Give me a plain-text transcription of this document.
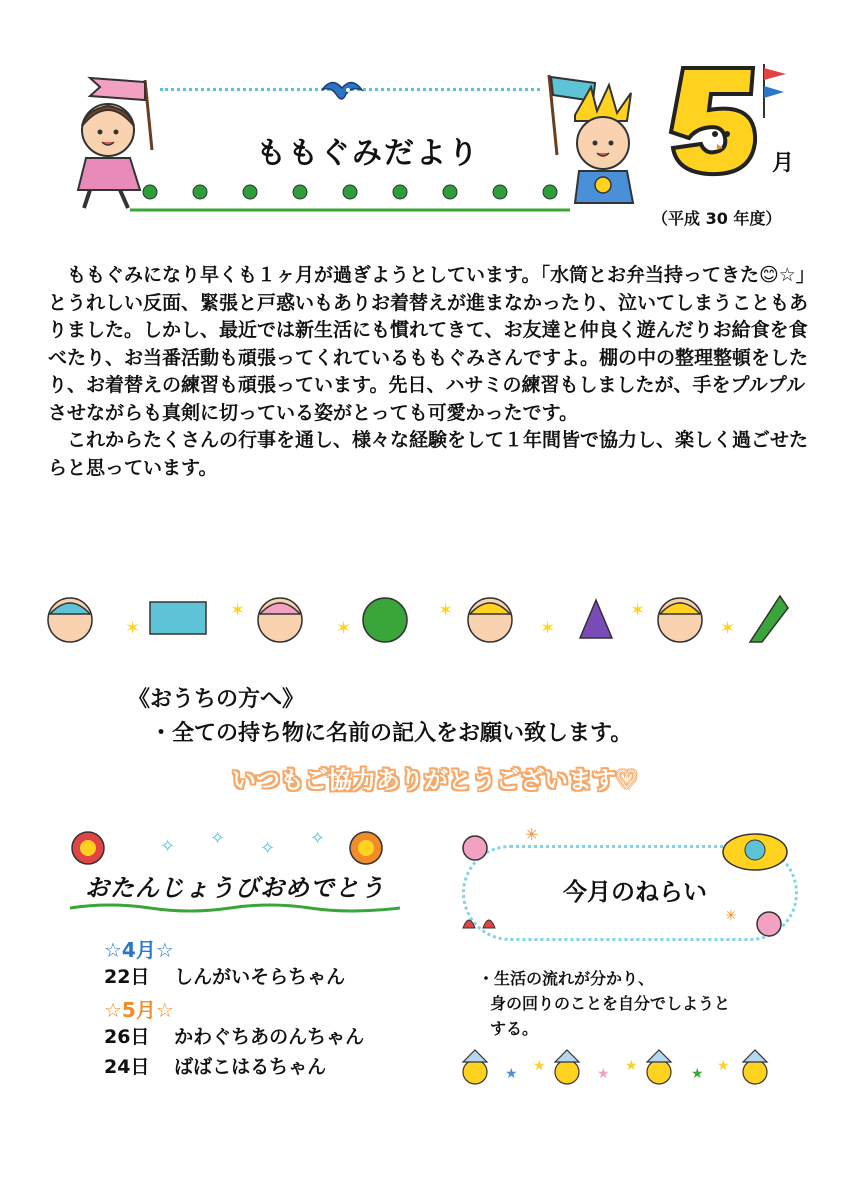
ももぐみだより	月
（平成 30 年度）

ももぐみになり早くも１ヶ月が過ぎようとしています。「水筒とお弁当持ってきた😊☆」

とうれしい反面、緊張と戸惑いもありお着替えが進まなかったり、泣いてしまうこともありました。しかし、最近では新生活にも慣れてきて、お友達と仲良く遊んだりお給食を食べたり、お当番活動も頑張ってくれているももぐみさんですよ。棚の中の整理整頓をしたり、お着替えの練習も頑張っています。先日、ハサミの練習もしましたが、手をプルプルさせながらも真剣に切っている姿がとっても可愛かったです。

これからたくさんの行事を通し、様々な経験をして１年間皆で協力し、楽しく過ごせたらと思っています。

✶
✶
✶
✶
✶
✶
✶
《おうちの方へ》
・全ての持ち物に名前の記入をお願い致します。
いつもご協力ありがとうございます♡
✧ ✧ ✧ ✧
おたんじょうびおめでとう
☆4月☆
22日 しんがいそらちゃん
☆5月☆
26日 かわぐちあのんちゃん
24日 ばばこはるちゃん
✳
✳
今月のねらい

・生活の流れが分かり、

身の回りのことを自分でしようと

する。

★ ★	★ ★	★ ★
